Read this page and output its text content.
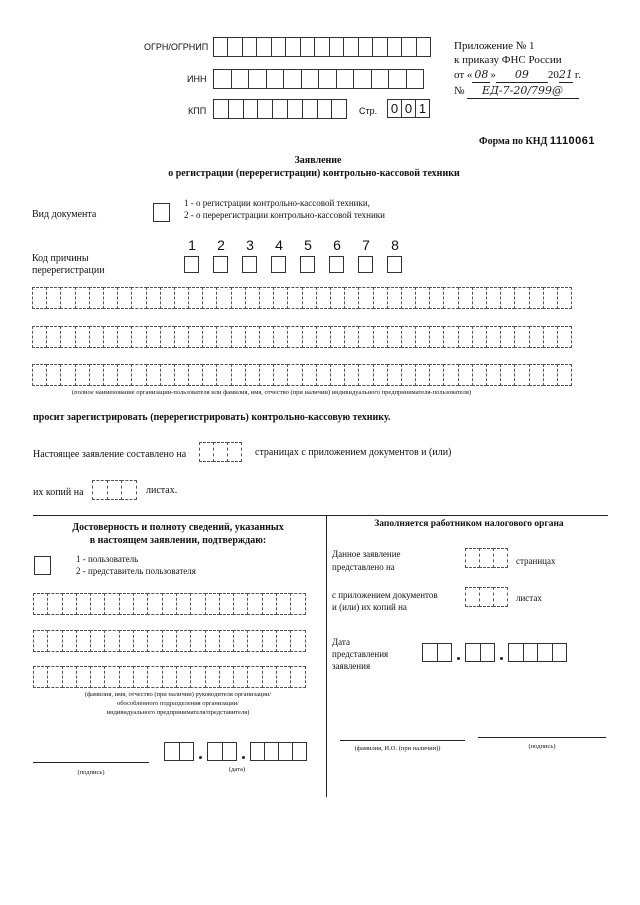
ОГРН/ОГРНИП
ИНН
КПП	Стр. 0 0 1
Приложение № 1
к приказу ФНС России
от « 08 » 09 2021 г.
№ ЕД-7-20/799@
Форма по КНД 1110061
Заявление
о регистрации (перерегистрации) контрольно-кассовой техники
Вид документа
1 - о регистрации контрольно-кассовой техники,
2 - о перерегистрации контрольно-кассовой техники
Код причины
перерегистрации
1	2	3	4	5	6	7	8
(полное наименование организации-пользователя или фамилия, имя, отчество (при наличии) индивидуального предпринимателя-пользователя)
просит зарегистрировать (перерегистрировать) контрольно-кассовую технику.
Настоящее заявление составлено на	страницах с приложением документов и (или)
их копий на	листах.
Достоверность и полноту сведений, указанных
в настоящем заявлении, подтверждаю:
1 - пользователь
2 - представитель пользователя
(фамилия, имя, отчество (при наличии) руководителя организации/
обособленного подразделения организации/
индивидуального предпринимателя/представителя)
(подпись)	(дата)
Заполняется работником налогового органа
Данное заявление
представлено на
страницах
с приложением документов
и (или) их копий на
листах
Дата
представления
заявления
(фамилия, И.О. (при наличии))	(подпись)
